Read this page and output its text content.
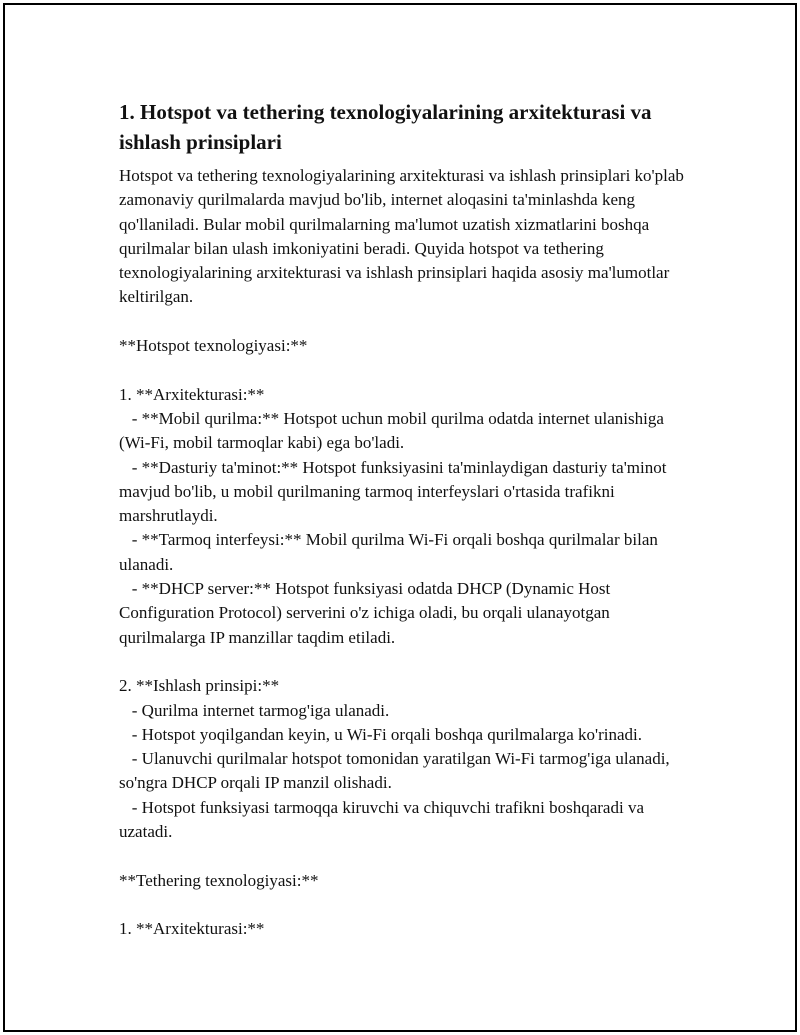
1. Hotspot va tethering texnologiyalarining arxitekturasi va ishlash prinsiplari

Hotspot va tethering texnologiyalarining arxitekturasi va ishlash prinsiplari ko'plab zamonaviy qurilmalarda mavjud bo'lib, internet aloqasini ta'minlashda keng qo'llaniladi. Bular mobil qurilmalarning ma'lumot uzatish xizmatlarini boshqa qurilmalar bilan ulash imkoniyatini beradi. Quyida hotspot va tethering texnologiyalarining arxitekturasi va ishlash prinsiplari haqida asosiy ma'lumotlar keltirilgan.

**Hotspot texnologiyasi:**
1. **Arxitekturasi:**
- **Mobil qurilma:** Hotspot uchun mobil qurilma odatda internet ulanishiga (Wi-Fi, mobil tarmoqlar kabi) ega bo'ladi.
- **Dasturiy ta'minot:** Hotspot funksiyasini ta'minlaydigan dasturiy ta'minot mavjud bo'lib, u mobil qurilmaning tarmoq interfeyslari o'rtasida trafikni marshrutlaydi.
- **Tarmoq interfeysi:** Mobil qurilma Wi-Fi orqali boshqa qurilmalar bilan ulanadi.
- **DHCP server:** Hotspot funksiyasi odatda DHCP (Dynamic Host Configuration Protocol) serverini o'z ichiga oladi, bu orqali ulanayotgan qurilmalarga IP manzillar taqdim etiladi.
2. **Ishlash prinsipi:**
- Qurilma internet tarmog'iga ulanadi.
- Hotspot yoqilgandan keyin, u Wi-Fi orqali boshqa qurilmalarga ko'rinadi.
- Ulanuvchi qurilmalar hotspot tomonidan yaratilgan Wi-Fi tarmog'iga ulanadi, so'ngra DHCP orqali IP manzil olishadi.
- Hotspot funksiyasi tarmoqqa kiruvchi va chiquvchi trafikni boshqaradi va uzatadi.
**Tethering texnologiyasi:**
1. **Arxitekturasi:**
